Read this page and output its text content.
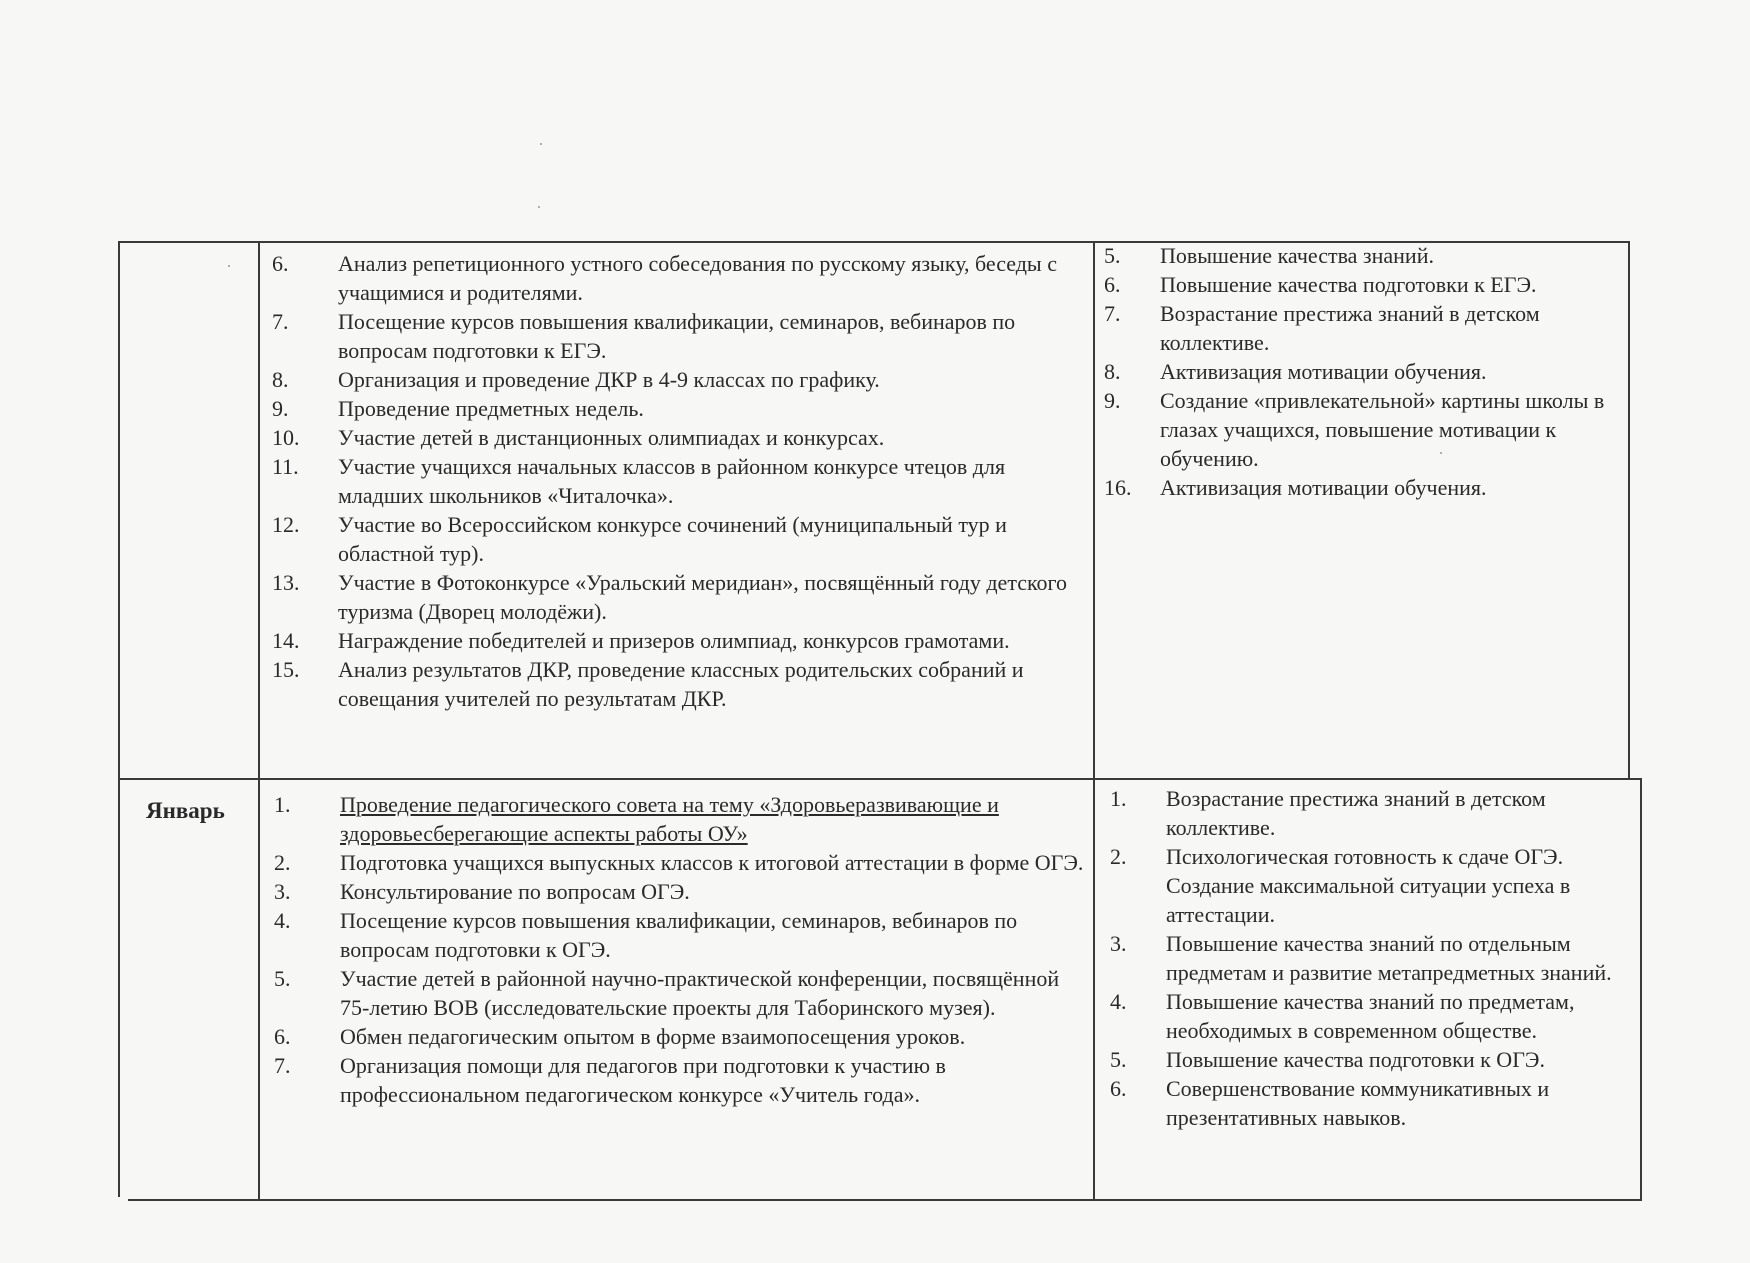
6. Анализ репетиционного устного собеседования по русскому языку, беседы с учащимися и родителями.
7. Посещение курсов повышения квалификации, семинаров, вебинаров по вопросам подготовки к ЕГЭ.
8. Организация и проведение ДКР в 4-9 классах по графику.
9. Проведение предметных недель.
10. Участие детей в дистанционных олимпиадах и конкурсах.
11. Участие учащихся начальных классов в районном конкурсе чтецов для младших школьников «Читалочка».
12. Участие во Всероссийском конкурсе сочинений (муниципальный тур и областной тур).
13. Участие в Фотоконкурсе «Уральский меридиан», посвящённый году детского туризма (Дворец молодёжи).
14. Награждение победителей и призеров олимпиад, конкурсов грамотами.
15. Анализ результатов ДКР, проведение классных родительских собраний и совещания учителей по результатам ДКР.
5. Повышение качества знаний.
6. Повышение качества подготовки к ЕГЭ.
7. Возрастание престижа знаний в детском коллективе.
8. Активизация мотивации обучения.
9. Создание «привлекательной» картины школы в глазах учащихся, повышение мотивации к обучению.
16. Активизация мотивации обучения.
Январь	1. Проведение педагогического совета на тему «Здоровьеразвивающие и здоровьесберегающие аспекты работы ОУ»
2. Подготовка учащихся выпускных классов к итоговой аттестации в форме ОГЭ.
3. Консультирование по вопросам ОГЭ.
4. Посещение курсов повышения квалификации, семинаров, вебинаров по вопросам подготовки к ОГЭ.
5. Участие детей в районной научно-практической конференции, посвящённой 75-летию ВОВ (исследовательские проекты для Таборинского музея).
6. Обмен педагогическим опытом в форме взаимопосещения уроков.
7. Организация помощи для педагогов при подготовки к участию в профессиональном педагогическом конкурсе «Учитель года».
1. Возрастание престижа знаний в детском коллективе.
2. Психологическая готовность к сдаче ОГЭ. Создание максимальной ситуации успеха в аттестации.
3. Повышение качества знаний по отдельным предметам и развитие метапредметных знаний.
4. Повышение качества знаний по предметам, необходимых в современном обществе.
5. Повышение качества подготовки к ОГЭ.
6. Совершенствование коммуникативных и презентативных навыков.
